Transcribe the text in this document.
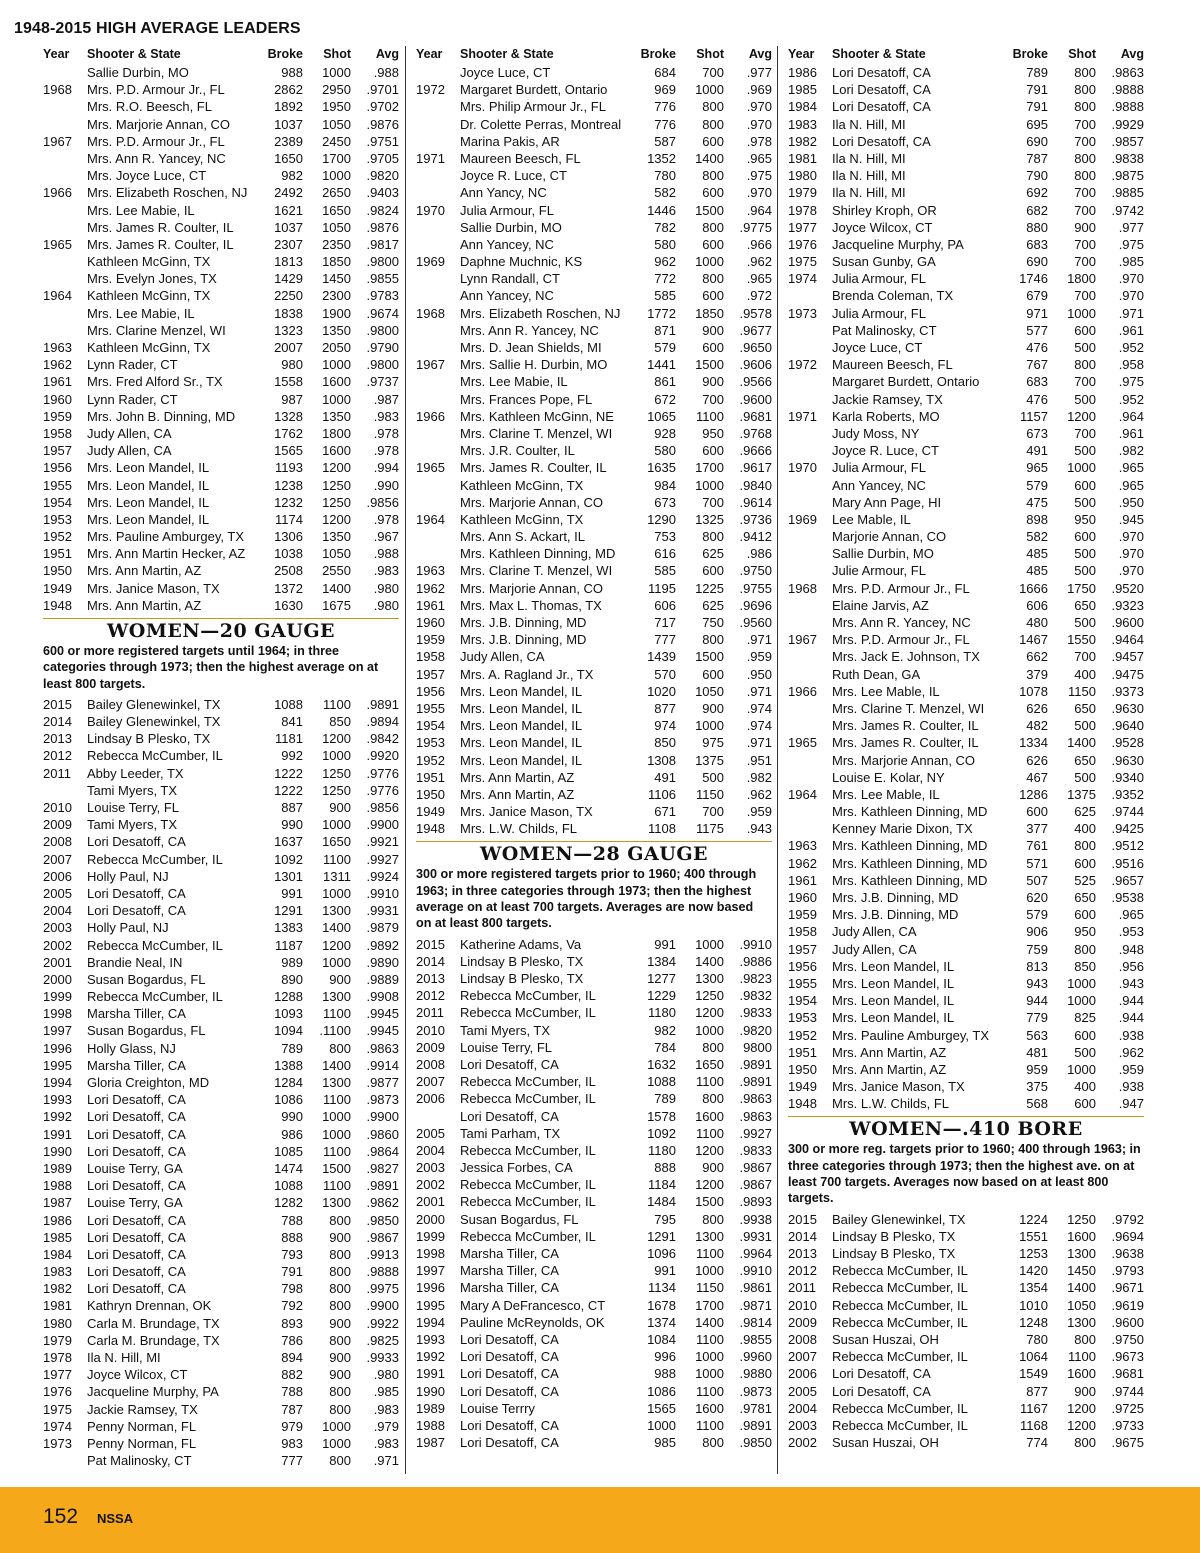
1948-2015 HIGH AVERAGE LEADERS
Year	Shooter & State	Broke	Shot	Avg
Sallie Durbin, MO	988	1000	.988
1968	Mrs. P.D. Armour Jr., FL	2862	2950	.9701
Mrs. R.O. Beesch, FL	1892	1950	.9702
Mrs. Marjorie Annan, CO	1037	1050	.9876
1967	Mrs. P.D. Armour Jr., FL	2389	2450	.9751
Mrs. Ann R. Yancey, NC	1650	1700	.9705
Mrs. Joyce Luce, CT	982	1000	.9820
1966	Mrs. Elizabeth Roschen, NJ	2492	2650	.9403
Mrs. Lee Mabie, IL	1621	1650	.9824
Mrs. James R. Coulter, IL	1037	1050	.9876
1965	Mrs. James R. Coulter, IL	2307	2350	.9817
Kathleen McGinn, TX	1813	1850	.9800
Mrs. Evelyn Jones, TX	1429	1450	.9855
1964	Kathleen McGinn, TX	2250	2300	.9783
Mrs. Lee Mabie, IL	1838	1900	.9674
Mrs. Clarine Menzel, WI	1323	1350	.9800
1963	Kathleen McGinn, TX	2007	2050	.9790
1962	Lynn Rader, CT	980	1000	.9800
1961	Mrs. Fred Alford Sr., TX	1558	1600	.9737
1960	Lynn Rader, CT	987	1000	.987
1959	Mrs. John B. Dinning, MD	1328	1350	.983
1958	Judy Allen, CA	1762	1800	.978
1957	Judy Allen, CA	1565	1600	.978
1956	Mrs. Leon Mandel, IL	1193	1200	.994
1955	Mrs. Leon Mandel, IL	1238	1250	.990
1954	Mrs. Leon Mandel, IL	1232	1250	.9856
1953	Mrs. Leon Mandel, IL	1174	1200	.978
1952	Mrs. Pauline Amburgey, TX	1306	1350	.967
1951	Mrs. Ann Martin Hecker, AZ	1038	1050	.988
1950	Mrs. Ann Martin, AZ	2508	2550	.983
1949	Mrs. Janice Mason, TX	1372	1400	.980
1948	Mrs. Ann Martin, AZ	1630	1675	.980
WOMEN—20 GAUGE
600 or more registered targets until 1964; in three categories through 1973; then the highest average on at least 800 targets.
2015	Bailey Glenewinkel, TX	1088	1100	.9891
2014	Bailey Glenewinkel, TX	841	850	.9894
2013	Lindsay B Plesko, TX	1181	1200	.9842
2012	Rebecca McCumber, IL	992	1000	.9920
2011	Abby Leeder, TX	1222	1250	.9776
Tami Myers, TX	1222	1250	.9776
2010	Louise Terry, FL	887	900	.9856
2009	Tami Myers, TX	990	1000	.9900
2008	Lori Desatoff, CA	1637	1650	.9921
2007	Rebecca McCumber, IL	1092	1100	.9927
2006	Holly Paul, NJ	1301	1311	.9924
2005	Lori Desatoff, CA	991	1000	.9910
2004	Lori Desatoff, CA	1291	1300	.9931
2003	Holly Paul, NJ	1383	1400	.9879
2002	Rebecca McCumber, IL	1187	1200	.9892
2001	Brandie Neal, IN	989	1000	.9890
2000	Susan Bogardus, FL	890	900	.9889
1999	Rebecca McCumber, IL	1288	1300	.9908
1998	Marsha Tiller, CA	1093	1100	.9945
1997	Susan Bogardus, FL	1094	.1100	.9945
1996	Holly Glass, NJ	789	800	.9863
1995	Marsha Tiller, CA	1388	1400	.9914
1994	Gloria Creighton, MD	1284	1300	.9877
1993	Lori Desatoff, CA	1086	1100	.9873
1992	Lori Desatoff, CA	990	1000	.9900
1991	Lori Desatoff, CA	986	1000	.9860
1990	Lori Desatoff, CA	1085	1100	.9864
1989	Louise Terry, GA	1474	1500	.9827
1988	Lori Desatoff, CA	1088	1100	.9891
1987	Louise Terry, GA	1282	1300	.9862
1986	Lori Desatoff, CA	788	800	.9850
1985	Lori Desatoff, CA	888	900	.9867
1984	Lori Desatoff, CA	793	800	.9913
1983	Lori Desatoff, CA	791	800	.9888
1982	Lori Desatoff, CA	798	800	.9975
1981	Kathryn Drennan, OK	792	800	.9900
1980	Carla M. Brundage, TX	893	900	.9922
1979	Carla M. Brundage, TX	786	800	.9825
1978	Ila N. Hill, MI	894	900	.9933
1977	Joyce Wilcox, CT	882	900	.980
1976	Jacqueline Murphy, PA	788	800	.985
1975	Jackie Ramsey, TX	787	800	.983
1974	Penny Norman, FL	979	1000	.979
1973	Penny Norman, FL	983	1000	.983
Pat Malinosky, CT	777	800	.971
Year	Shooter & State	Broke	Shot	Avg
Joyce Luce, CT	684	700	.977
1972	Margaret Burdett, Ontario	969	1000	.969
Mrs. Philip Armour Jr., FL	776	800	.970
Dr. Colette Perras, Montreal	776	800	.970
Marina Pakis, AR	587	600	.978
1971	Maureen Beesch, FL	1352	1400	.965
Joyce R. Luce, CT	780	800	.975
Ann Yancy, NC	582	600	.970
1970	Julia Armour, FL	1446	1500	.964
Sallie Durbin, MO	782	800	.9775
Ann Yancey, NC	580	600	.966
1969	Daphne Muchnic, KS	962	1000	.962
Lynn Randall, CT	772	800	.965
Ann Yancey, NC	585	600	.972
1968	Mrs. Elizabeth Roschen, NJ	1772	1850	.9578
Mrs. Ann R. Yancey, NC	871	900	.9677
Mrs. D. Jean Shields, MI	579	600	.9650
1967	Mrs. Sallie H. Durbin, MO	1441	1500	.9606
Mrs. Lee Mabie, IL	861	900	.9566
Mrs. Frances Pope, FL	672	700	.9600
1966	Mrs. Kathleen McGinn, NE	1065	1100	.9681
Mrs. Clarine T. Menzel, WI	928	950	.9768
Mrs. J.R. Coulter, IL	580	600	.9666
1965	Mrs. James R. Coulter, IL	1635	1700	.9617
Kathleen McGinn, TX	984	1000	.9840
Mrs. Marjorie Annan, CO	673	700	.9614
1964	Kathleen McGinn, TX	1290	1325	.9736
Mrs. Ann S. Ackart, IL	753	800	.9412
Mrs. Kathleen Dinning, MD	616	625	.986
1963	Mrs. Clarine T. Menzel, WI	585	600	.9750
1962	Mrs. Marjorie Annan, CO	1195	1225	.9755
1961	Mrs. Max L. Thomas, TX	606	625	.9696
1960	Mrs. J.B. Dinning, MD	717	750	.9560
1959	Mrs. J.B. Dinning, MD	777	800	.971
1958	Judy Allen, CA	1439	1500	.959
1957	Mrs. A. Ragland Jr., TX	570	600	.950
1956	Mrs. Leon Mandel, IL	1020	1050	.971
1955	Mrs. Leon Mandel, IL	877	900	.974
1954	Mrs. Leon Mandel, IL	974	1000	.974
1953	Mrs. Leon Mandel, IL	850	975	.971
1952	Mrs. Leon Mandel, IL	1308	1375	.951
1951	Mrs. Ann Martin, AZ	491	500	.982
1950	Mrs. Ann Martin, AZ	1106	1150	.962
1949	Mrs. Janice Mason, TX	671	700	.959
1948	Mrs. L.W. Childs, FL	1108	1175	.943
WOMEN—28 GAUGE
300 or more registered targets prior to 1960; 400 through 1963; in three categories through 1973; then the highest average on at least 700 targets. Averages are now based on at least 800 targets.
2015	Katherine Adams, Va	991	1000	.9910
2014	Lindsay B Plesko, TX	1384	1400	.9886
2013	Lindsay B Plesko, TX	1277	1300	.9823
2012	Rebecca McCumber, IL	1229	1250	.9832
2011	Rebecca McCumber, IL	1180	1200	.9833
2010	Tami Myers, TX	982	1000	.9820
2009	Louise Terry, FL	784	800	9800
2008	Lori Desatoff, CA	1632	1650	.9891
2007	Rebecca McCumber, IL	1088	1100	.9891
2006	Rebecca McCumber, IL	789	800	.9863
Lori Desatoff, CA	1578	1600	.9863
2005	Tami Parham, TX	1092	1100	.9927
2004	Rebecca McCumber, IL	1180	1200	.9833
2003	Jessica Forbes, CA	888	900	.9867
2002	Rebecca McCumber, IL	1184	1200	.9867
2001	Rebecca McCumber, IL	1484	1500	.9893
2000	Susan Bogardus, FL	795	800	.9938
1999	Rebecca McCumber, IL	1291	1300	.9931
1998	Marsha Tiller, CA	1096	1100	.9964
1997	Marsha Tiller, CA	991	1000	.9910
1996	Marsha Tiller, CA	1134	1150	.9861
1995	Mary A DeFrancesco, CT	1678	1700	.9871
1994	Pauline McReynolds, OK	1374	1400	.9814
1993	Lori Desatoff, CA	1084	1100	.9855
1992	Lori Desatoff, CA	996	1000	.9960
1991	Lori Desatoff, CA	988	1000	.9880
1990	Lori Desatoff, CA	1086	1100	.9873
1989	Louise Terrry	1565	1600	.9781
1988	Lori Desatoff, CA	1000	1100	.9891
1987	Lori Desatoff, CA	985	800	.9850
Year	Shooter & State	Broke	Shot	Avg
1986	Lori Desatoff, CA	789	800	.9863
1985	Lori Desatoff, CA	791	800	.9888
1984	Lori Desatoff, CA	791	800	.9888
1983	Ila N. Hill, MI	695	700	.9929
1982	Lori Desatoff, CA	690	700	.9857
1981	Ila N. Hill, MI	787	800	.9838
1980	Ila N. Hill, MI	790	800	.9875
1979	Ila N. Hill, MI	692	700	.9885
1978	Shirley Kroph, OR	682	700	.9742
1977	Joyce Wilcox, CT	880	900	.977
1976	Jacqueline Murphy, PA	683	700	.975
1975	Susan Gunby, GA	690	700	.985
1974	Julia Armour, FL	1746	1800	.970
Brenda Coleman, TX	679	700	.970
1973	Julia Armour, FL	971	1000	.971
Pat Malinosky, CT	577	600	.961
Joyce Luce, CT	476	500	.952
1972	Maureen Beesch, FL	767	800	.958
Margaret Burdett, Ontario	683	700	.975
Jackie Ramsey, TX	476	500	.952
1971	Karla Roberts, MO	1157	1200	.964
Judy Moss, NY	673	700	.961
Joyce R. Luce, CT	491	500	.982
1970	Julia Armour, FL	965	1000	.965
Ann Yancey, NC	579	600	.965
Mary Ann Page, HI	475	500	.950
1969	Lee Mable, IL	898	950	.945
Marjorie Annan, CO	582	600	.970
Sallie Durbin, MO	485	500	.970
Julie Armour, FL	485	500	.970
1968	Mrs. P.D. Armour Jr., FL	1666	1750	.9520
Elaine Jarvis, AZ	606	650	.9323
Mrs. Ann R. Yancey, NC	480	500	.9600
1967	Mrs. P.D. Armour Jr., FL	1467	1550	.9464
Mrs. Jack E. Johnson, TX	662	700	.9457
Ruth Dean, GA	379	400	.9475
1966	Mrs. Lee Mable, IL	1078	1150	.9373
Mrs. Clarine T. Menzel, WI	626	650	.9630
Mrs. James R. Coulter, IL	482	500	.9640
1965	Mrs. James R. Coulter, IL	1334	1400	.9528
Mrs. Marjorie Annan, CO	626	650	.9630
Louise E. Kolar, NY	467	500	.9340
1964	Mrs. Lee Mable, IL	1286	1375	.9352
Mrs. Kathleen Dinning, MD	600	625	.9744
Kenney Marie Dixon, TX	377	400	.9425
1963	Mrs. Kathleen Dinning, MD	761	800	.9512
1962	Mrs. Kathleen Dinning, MD	571	600	.9516
1961	Mrs. Kathleen Dinning, MD	507	525	.9657
1960	Mrs. J.B. Dinning, MD	620	650	.9538
1959	Mrs. J.B. Dinning, MD	579	600	.965
1958	Judy Allen, CA	906	950	.953
1957	Judy Allen, CA	759	800	.948
1956	Mrs. Leon Mandel, IL	813	850	.956
1955	Mrs. Leon Mandel, IL	943	1000	.943
1954	Mrs. Leon Mandel, IL	944	1000	.944
1953	Mrs. Leon Mandel, IL	779	825	.944
1952	Mrs. Pauline Amburgey, TX	563	600	.938
1951	Mrs. Ann Martin, AZ	481	500	.962
1950	Mrs. Ann Martin, AZ	959	1000	.959
1949	Mrs. Janice Mason, TX	375	400	.938
1948	Mrs. L.W. Childs, FL	568	600	.947
WOMEN—.410 BORE
300 or more reg. targets prior to 1960; 400 through 1963; in three categories through 1973; then the highest ave. on at least 700 targets. Averages now based on at least 800 targets.
2015	Bailey Glenewinkel, TX	1224	1250	.9792
2014	Lindsay B Plesko, TX	1551	1600	.9694
2013	Lindsay B Plesko, TX	1253	1300	.9638
2012	Rebecca McCumber, IL	1420	1450	.9793
2011	Rebecca McCumber, IL	1354	1400	.9671
2010	Rebecca McCumber, IL	1010	1050	.9619
2009	Rebecca McCumber, IL	1248	1300	.9600
2008	Susan Huszai, OH	780	800	.9750
2007	Rebecca McCumber, IL	1064	1100	.9673
2006	Lori Desatoff, CA	1549	1600	.9681
2005	Lori Desatoff, CA	877	900	.9744
2004	Rebecca McCumber, IL	1167	1200	.9725
2003	Rebecca McCumber, IL	1168	1200	.9733
2002	Susan Huszai, OH	774	800	.9675
152 NSSA
